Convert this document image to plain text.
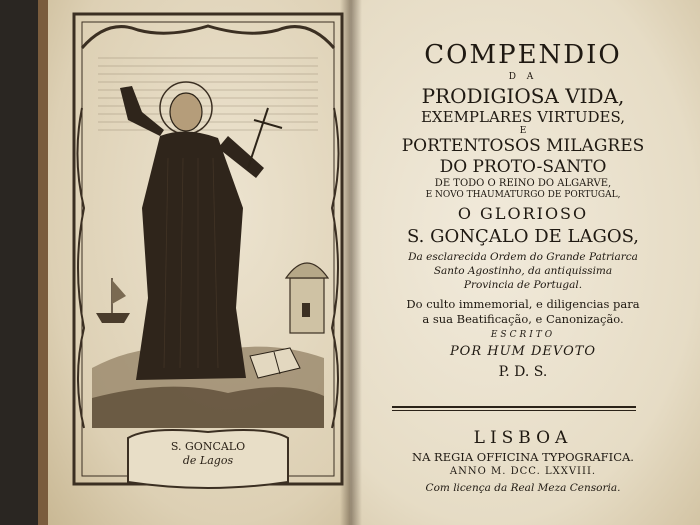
S. GONCALO
de Lagos
COMPENDIO
D A
PRODIGIOSA VIDA,
EXEMPLARES VIRTUDES,
E
PORTENTOSOS MILAGRES
DO PROTO-SANTO
DE TODO O REINO DO ALGARVE,
E NOVO THAUMATURGO DE PORTUGAL,
O GLORIOSO
S. GONÇALO DE LAGOS,
Da esclarecida Ordem do Grande Patriarca
Santo Agostinho, da antiquissima
Provincia de Portugal.
Do culto immemorial, e diligencias para
a sua Beatificação, e Canonização.
ESCRITO
POR HUM DEVOTO
P. D. S.
LISBOA
NA REGIA OFFICINA TYPOGRAFICA.
ANNO M. DCC. LXXVIII.
Com licença da Real Meza Censoria.
